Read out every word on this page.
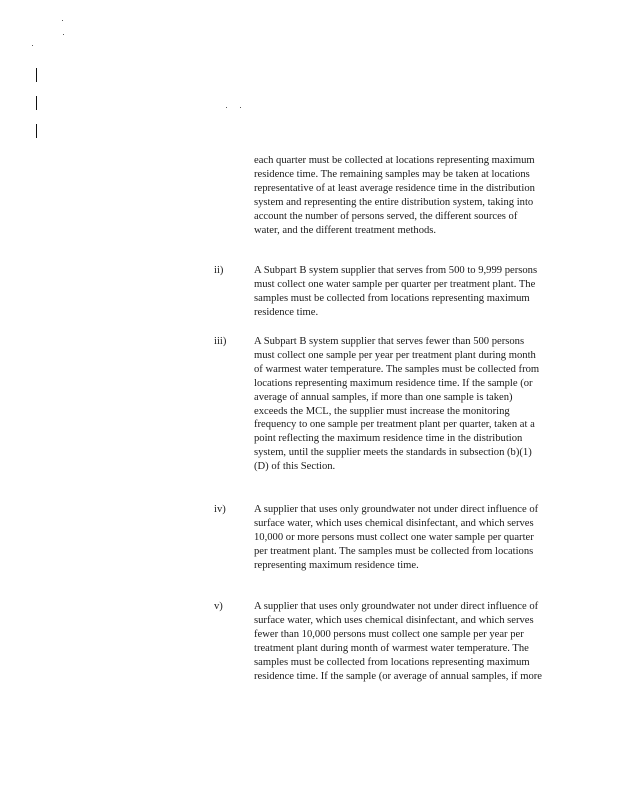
each quarter must be collected at locations representing maximum residence time. The remaining samples may be taken at locations representative of at least average residence time in the distribution system and representing the entire distribution system, taking into account the number of persons served, the different sources of water, and the different treatment methods.

ii)	A Subpart B system supplier that serves from 500 to 9,999 persons must collect one water sample per quarter per treatment plant. The samples must be collected from locations representing maximum residence time.

iii)	A Subpart B system supplier that serves fewer than 500 persons must collect one sample per year per treatment plant during month of warmest water temperature. The samples must be collected from locations representing maximum residence time. If the sample (or average of annual samples, if more than one sample is taken) exceeds the MCL, the supplier must increase the monitoring frequency to one sample per treatment plant per quarter, taken at a point reflecting the maximum residence time in the distribution system, until the supplier meets the standards in subsection (b)(1)(D) of this Section.

iv)	A supplier that uses only groundwater not under direct influence of surface water, which uses chemical disinfectant, and which serves 10,000 or more persons must collect one water sample per quarter per treatment plant. The samples must be collected from locations representing maximum residence time.

v)	A supplier that uses only groundwater not under direct influence of surface water, which uses chemical disinfectant, and which serves fewer than 10,000 persons must collect one sample per year per treatment plant during month of warmest water temperature. The samples must be collected from locations representing maximum residence time. If the sample (or average of annual samples, if more
